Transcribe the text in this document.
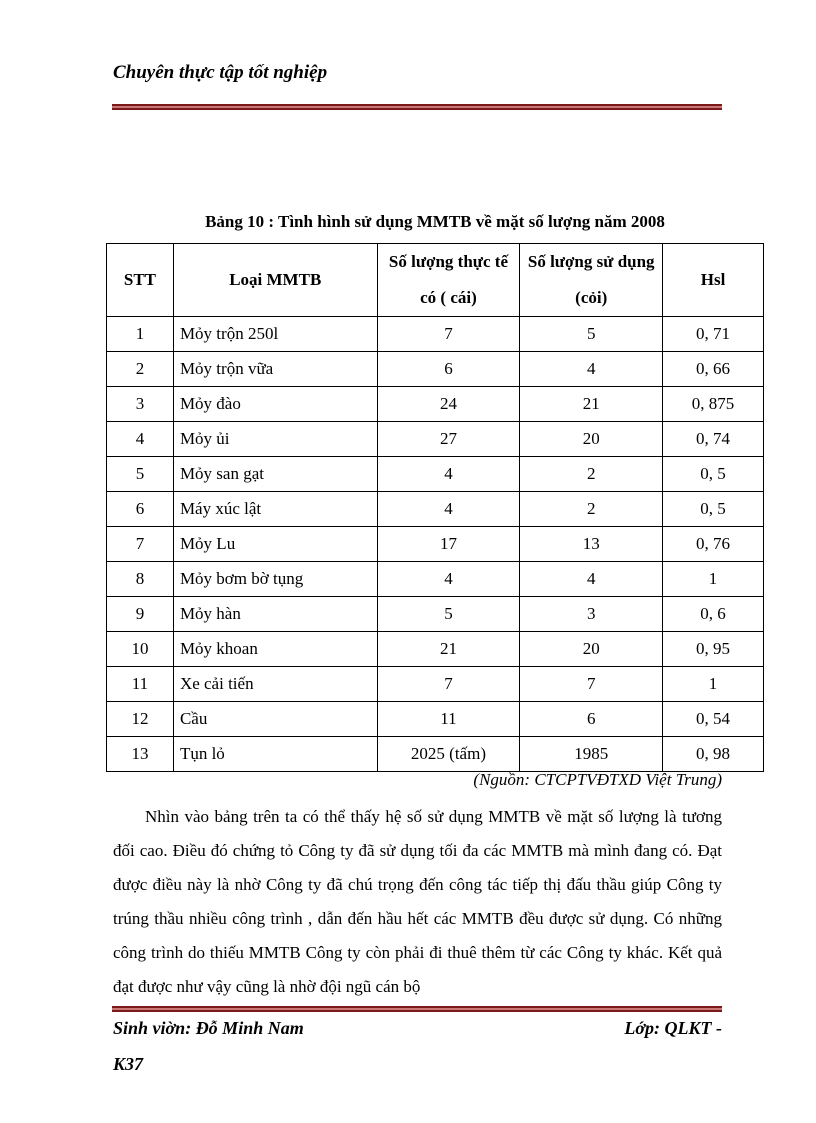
Chuyên thực tập tốt nghiệp
Bảng 10 : Tình hình sử dụng MMTB về mặt số lượng năm 2008
STT	Loại MMTB	Số lượng thực tế có ( cái)	Số lượng sử dụng (cỏi)	Hsl
1	Mỏy trộn 250l	7	5	0, 71
2	Mỏy trộn vữa	6	4	0, 66
3	Mỏy đào	24	21	0, 875
4	Mỏy ủi	27	20	0, 74
5	Mỏy san gạt	4	2	0, 5
6	Máy xúc lật	4	2	0, 5
7	Mỏy Lu	17	13	0, 76
8	Mỏy bơm bờ tụng	4	4	1
9	Mỏy hàn	5	3	0, 6
10	Mỏy khoan	21	20	0, 95
11	Xe cải tiến	7	7	1
12	Cầu	11	6	0, 54
13	Tụn lỏ	2025 (tấm)	1985	0, 98
(Nguồn: CTCPTVĐTXD Việt Trung)
Nhìn vào bảng trên ta có thể thấy hệ số sử dụng MMTB về mặt số lượng là tương đối cao. Điều đó chứng tỏ Công ty đã sử dụng tối đa các MMTB mà mình đang có. Đạt được điều này là nhờ Công ty đã chú trọng đến công tác tiếp thị đấu thầu giúp Công ty trúng thầu nhiều công trình , dẫn đến hầu hết các MMTB đều được sử dụng. Có những công trình do thiếu MMTB Công ty còn phải đi thuê thêm từ các Công ty khác. Kết quả đạt được như vậy cũng là nhờ đội ngũ cán bộ
Sinh viờn: Đỗ Minh Nam	Lớp: QLKT -
K37
